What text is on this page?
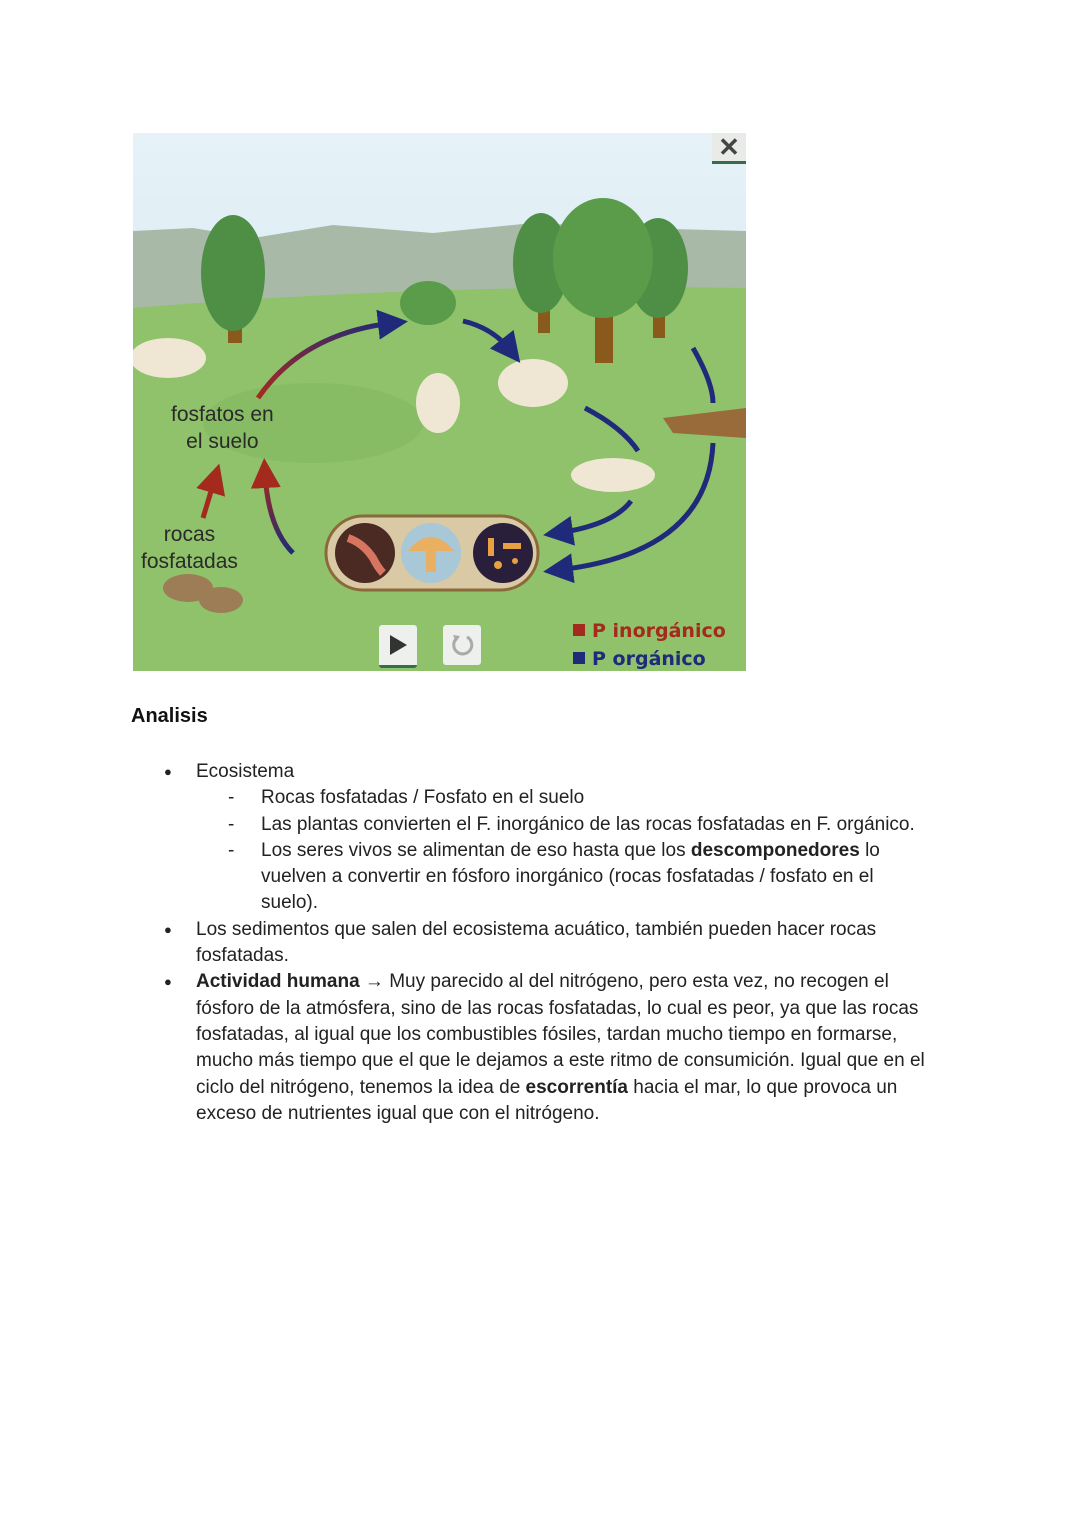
fosfatos en
el suelo
rocas
fosfatadas
✕
P inorgánico
P orgánico
Analisis
● Ecosistema
- Rocas fosfatadas / Fosfato en el suelo
- Las plantas convierten el F. inorgánico de las rocas fosfatadas en F. orgánico.
- Los seres vivos se alimentan de eso hasta que los descomponedores lo vuelven a convertir en fósforo inorgánico (rocas fosfatadas / fosfato en el suelo).
● Los sedimentos que salen del ecosistema acuático, también pueden hacer rocas fosfatadas.
● Actividad humana → Muy parecido al del nitrógeno, pero esta vez, no recogen el fósforo de la atmósfera, sino de las rocas fosfatadas, lo cual es peor, ya que las rocas fosfatadas, al igual que los combustibles fósiles, tardan mucho tiempo en formarse, mucho más tiempo que el que le dejamos a este ritmo de consumición. Igual que en el ciclo del nitrógeno, tenemos la idea de escorrentía hacia el mar, lo que provoca un exceso de nutrientes igual que con el nitrógeno.
